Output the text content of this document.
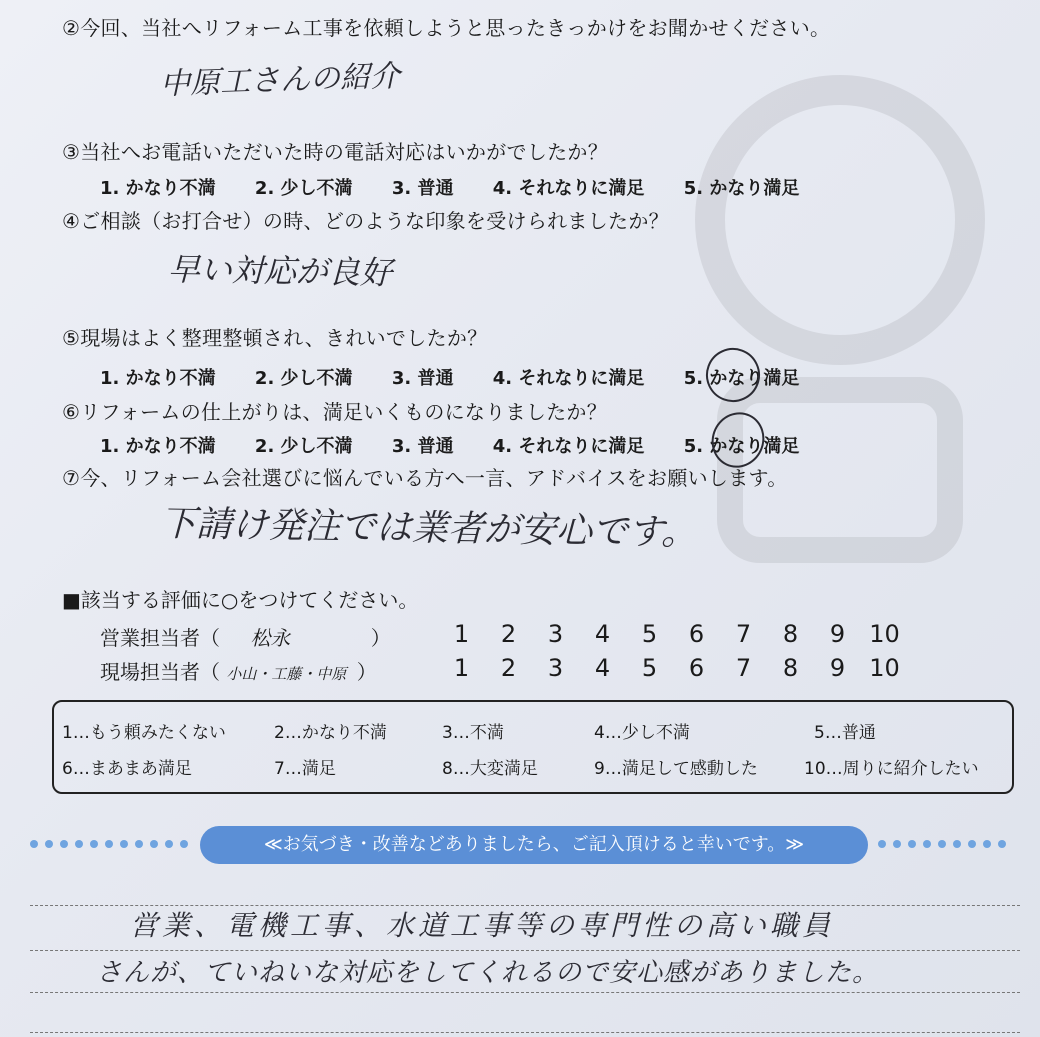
②今回、当社へリフォーム工事を依頼しようと思ったきっかけをお聞かせください。
中原工さんの紹介
③当社へお電話いただいた時の電話対応はいかがでしたか？
1. かなり不満 2. 少し不満 3. 普通 4. それなりに満足 5. かなり満足
④ご相談（お打合せ）の時、どのような印象を受けられましたか？
早い対応が良好
⑤現場はよく整理整頓され、きれいでしたか？
1. かなり不満 2. 少し不満 3. 普通 4. それなりに満足 5. かなり満足
⑥リフォームの仕上がりは、満足いくものになりましたか？
1. かなり不満 2. 少し不満 3. 普通 4. それなりに満足 5. かなり満足
⑦今、リフォーム会社選びに悩んでいる方へ一言、アドバイスをお願いします。
下請け発注では業者が安心です。
■該当する評価に○をつけてください。
営業担当者（ 松永	）	1 2 3 4 5 6 7 8 9 10
現場担当者（ 小山・工藤・中原 ）	1 2 3 4 5 6 7 8 9 10
1…もう頼みたくない	2…かなり不満	3…不満	4…少し不満	5…普通
6…まあまあ満足	7…満足	8…大変満足	9…満足して感動した	10…周りに紹介したい
≪お気づき・改善などありましたら、ご記入頂けると幸いです。≫
営業、電機工事、水道工事等の専門性の高い職員
さんが、ていねいな対応をしてくれるので安心感がありました。
